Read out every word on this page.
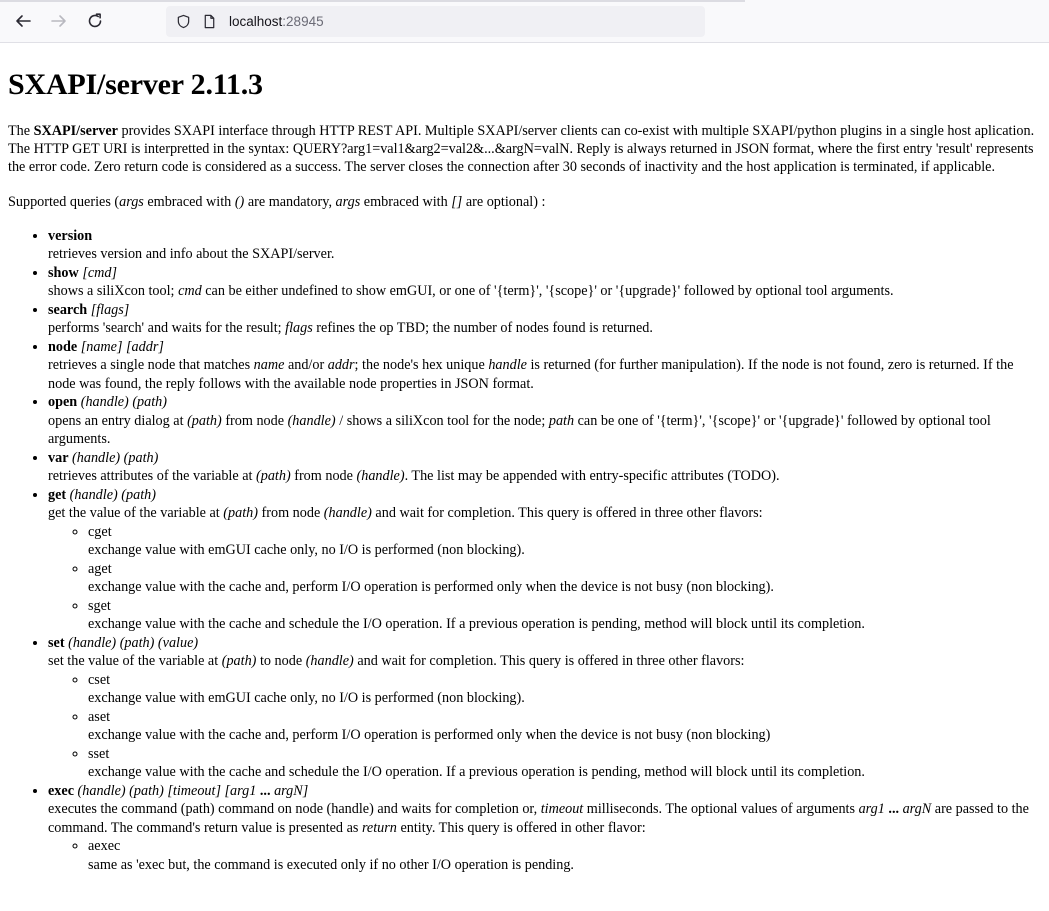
localhost:28945
SXAPI/server 2.11.3

The SXAPI/server provides SXAPI interface through HTTP REST API. Multiple SXAPI/server clients can co-exist with multiple SXAPI/python plugins in a single host aplication. The HTTP GET URI is interpretted in the syntax: QUERY?arg1=val1&arg2=val2&...&argN=valN. Reply is always returned in JSON format, where the first entry 'result' represents the error code. Zero return code is considered as a success. The server closes the connection after 30 seconds of inactivity and the host application is terminated, if applicable.

Supported queries (args embraced with () are mandatory, args embraced with [] are optional) :

• version
retrieves version and info about the SXAPI/server.
• show [cmd]
shows a siliXcon tool; cmd can be either undefined to show emGUI, or one of '{term}', '{scope}' or '{upgrade}' followed by optional tool arguments.
• search [flags]
performs 'search' and waits for the result; flags refines the op TBD; the number of nodes found is returned.
• node [name] [addr]
retrieves a single node that matches name and/or addr; the node's hex unique handle is returned (for further manipulation). If the node is not found, zero is returned. If the node was found, the reply follows with the available node properties in JSON format.
• open (handle) (path)
opens an entry dialog at (path) from node (handle) / shows a siliXcon tool for the node; path can be one of '{term}', '{scope}' or '{upgrade}' followed by optional tool arguments.
• var (handle) (path)
retrieves attributes of the variable at (path) from node (handle). The list may be appended with entry-specific attributes (TODO).
• get (handle) (path)
get the value of the variable at (path) from node (handle) and wait for completion. This query is offered in three other flavors:
◦ cget
exchange value with emGUI cache only, no I/O is performed (non blocking).
◦ aget
exchange value with the cache and, perform I/O operation is performed only when the device is not busy (non blocking).
◦ sget
exchange value with the cache and schedule the I/O operation. If a previous operation is pending, method will block until its completion.
• set (handle) (path) (value)
set the value of the variable at (path) to node (handle) and wait for completion. This query is offered in three other flavors:
◦ cset
exchange value with emGUI cache only, no I/O is performed (non blocking).
◦ aset
exchange value with the cache and, perform I/O operation is performed only when the device is not busy (non blocking)
◦ sset
exchange value with the cache and schedule the I/O operation. If a previous operation is pending, method will block until its completion.
• exec (handle) (path) [timeout] [arg1 ... argN]
executes the command (path) command on node (handle) and waits for completion or, timeout milliseconds. The optional values of arguments arg1 ... argN are passed to the command. The command's return value is presented as return entity. This query is offered in other flavor:
◦ aexec
same as 'exec but, the command is executed only if no other I/O operation is pending.
